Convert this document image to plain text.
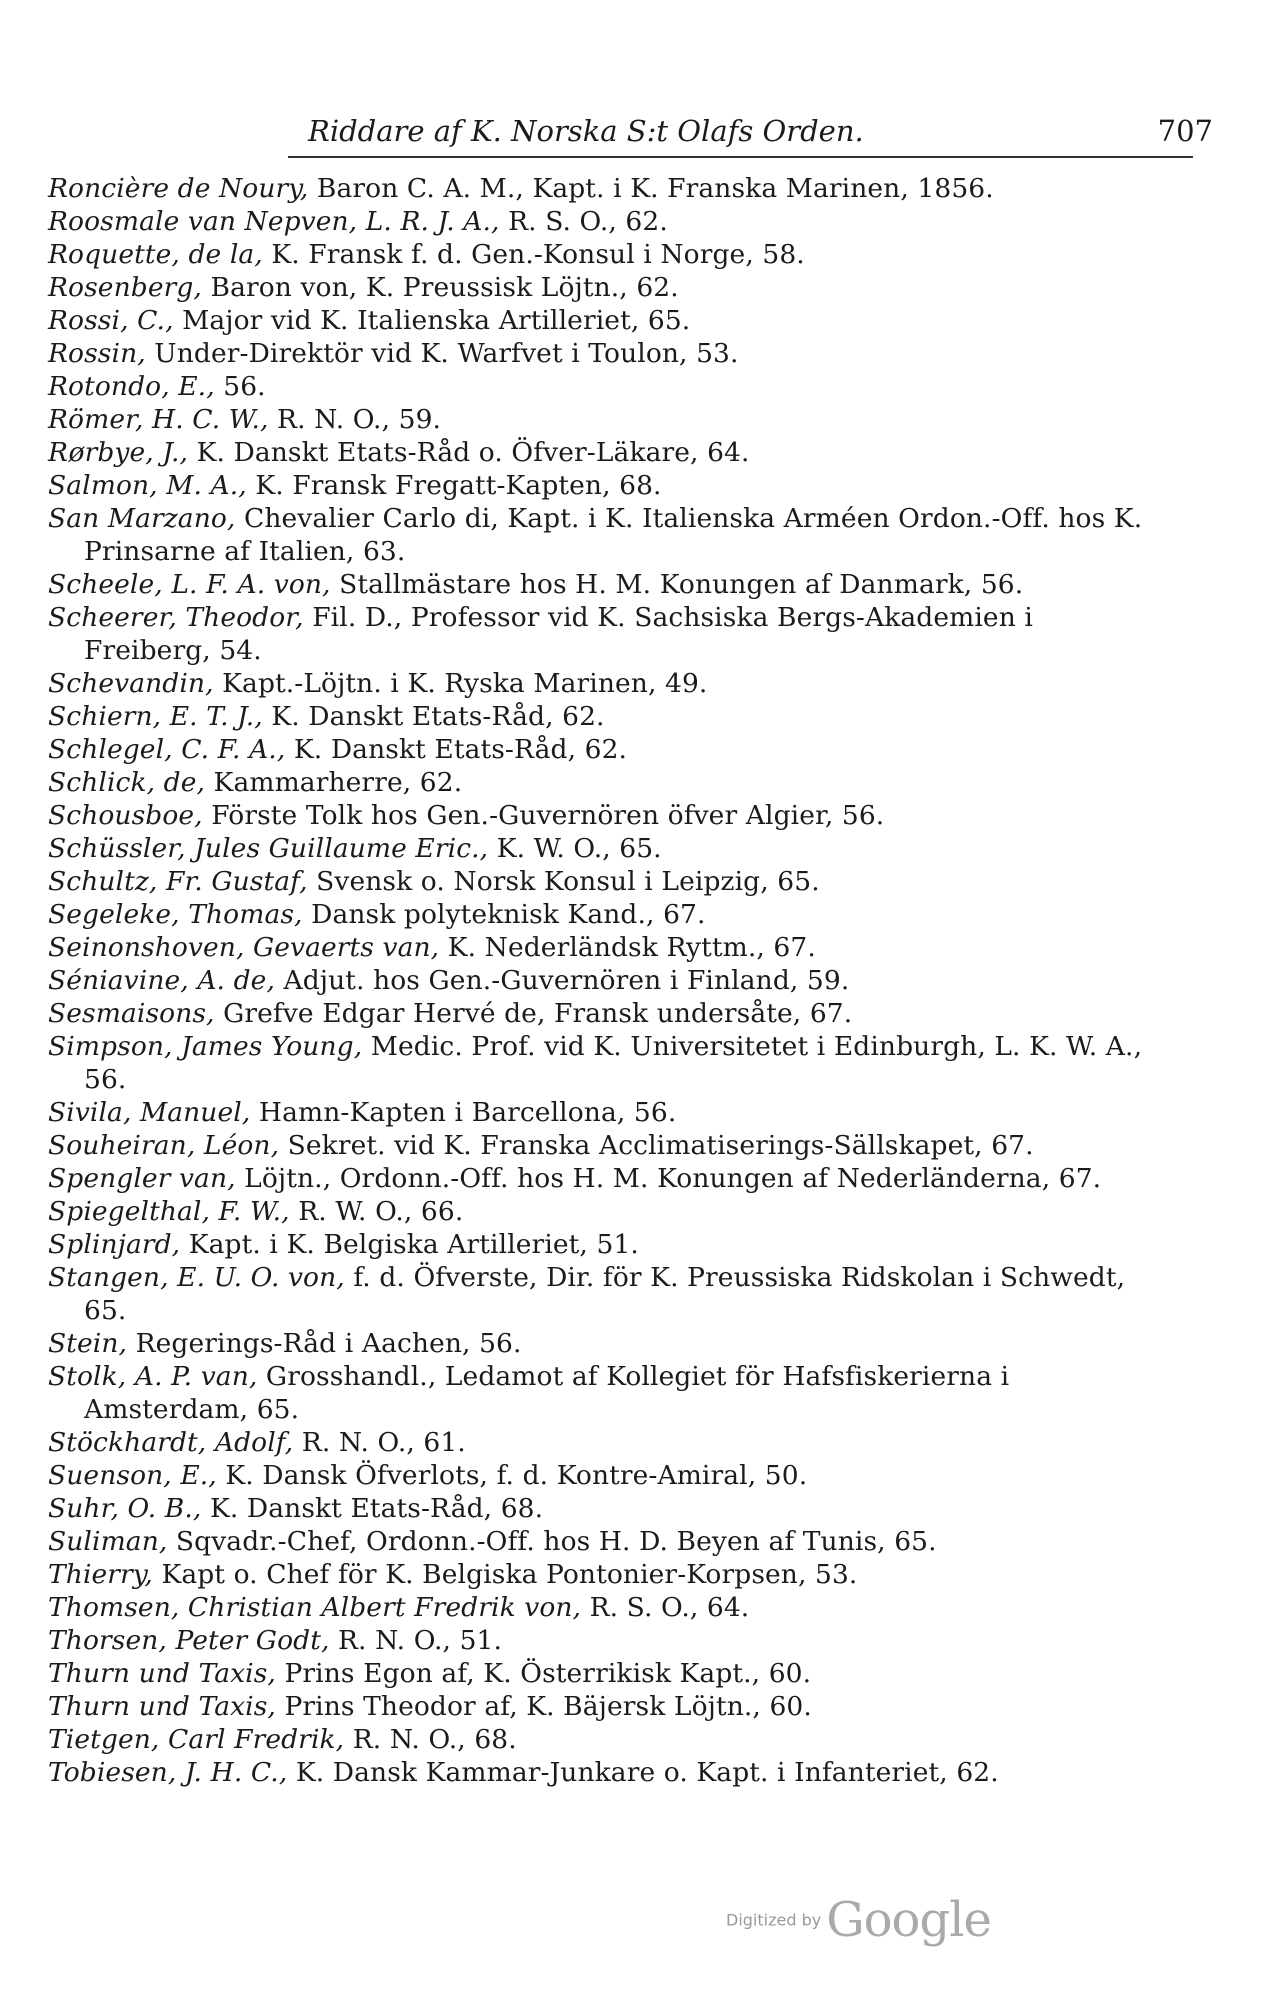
Riddare af K. Norska S:t Olafs Orden.	707
Roncière de Noury, Baron C. A. M., Kapt. i K. Franska Marinen, 1856.
Roosmale van Nepven, L. R. J. A., R. S. O., 62.
Roquette, de la, K. Fransk f. d. Gen.-Konsul i Norge, 58.
Rosenberg, Baron von, K. Preussisk Löjtn., 62.
Rossi, C., Major vid K. Italienska Artilleriet, 65.
Rossin, Under-Direktör vid K. Warfvet i Toulon, 53.
Rotondo, E., 56.
Römer, H. C. W., R. N. O., 59.
Rørbye, J., K. Danskt Etats-Råd o. Öfver-Läkare, 64.
Salmon, M. A., K. Fransk Fregatt-Kapten, 68.
San Marzano, Chevalier Carlo di, Kapt. i K. Italienska Arméen Ordon.-Off. hos K. Prinsarne af Italien, 63.
Scheele, L. F. A. von, Stallmästare hos H. M. Konungen af Danmark, 56.
Scheerer, Theodor, Fil. D., Professor vid K. Sachsiska Bergs-Akademien i Freiberg, 54.
Schevandin, Kapt.-Löjtn. i K. Ryska Marinen, 49.
Schiern, E. T. J., K. Danskt Etats-Råd, 62.
Schlegel, C. F. A., K. Danskt Etats-Råd, 62.
Schlick, de, Kammarherre, 62.
Schousboe, Förste Tolk hos Gen.-Guvernören öfver Algier, 56.
Schüssler, Jules Guillaume Eric., K. W. O., 65.
Schultz, Fr. Gustaf, Svensk o. Norsk Konsul i Leipzig, 65.
Segeleke, Thomas, Dansk polyteknisk Kand., 67.
Seinonshoven, Gevaerts van, K. Nederländsk Ryttm., 67.
Séniavine, A. de, Adjut. hos Gen.-Guvernören i Finland, 59.
Sesmaisons, Grefve Edgar Hervé de, Fransk undersåte, 67.
Simpson, James Young, Medic. Prof. vid K. Universitetet i Edinburgh, L. K. W. A., 56.
Sivila, Manuel, Hamn-Kapten i Barcellona, 56.
Souheiran, Léon, Sekret. vid K. Franska Acclimatiserings-Sällskapet, 67.
Spengler van, Löjtn., Ordonn.-Off. hos H. M. Konungen af Nederländerna, 67.
Spiegelthal, F. W., R. W. O., 66.
Splinjard, Kapt. i K. Belgiska Artilleriet, 51.
Stangen, E. U. O. von, f. d. Öfverste, Dir. för K. Preussiska Ridskolan i Schwedt, 65.
Stein, Regerings-Råd i Aachen, 56.
Stolk, A. P. van, Grosshandl., Ledamot af Kollegiet för Hafsfiskerierna i Amsterdam, 65.
Stöckhardt, Adolf, R. N. O., 61.
Suenson, E., K. Dansk Öfverlots, f. d. Kontre-Amiral, 50.
Suhr, O. B., K. Danskt Etats-Råd, 68.
Suliman, Sqvadr.-Chef, Ordonn.-Off. hos H. D. Beyen af Tunis, 65.
Thierry, Kapt o. Chef för K. Belgiska Pontonier-Korpsen, 53.
Thomsen, Christian Albert Fredrik von, R. S. O., 64.
Thorsen, Peter Godt, R. N. O., 51.
Thurn und Taxis, Prins Egon af, K. Österrikisk Kapt., 60.
Thurn und Taxis, Prins Theodor af, K. Bäjersk Löjtn., 60.
Tietgen, Carl Fredrik, R. N. O., 68.
Tobiesen, J. H. C., K. Dansk Kammar-Junkare o. Kapt. i Infanteriet, 62.
Digitized by Google
